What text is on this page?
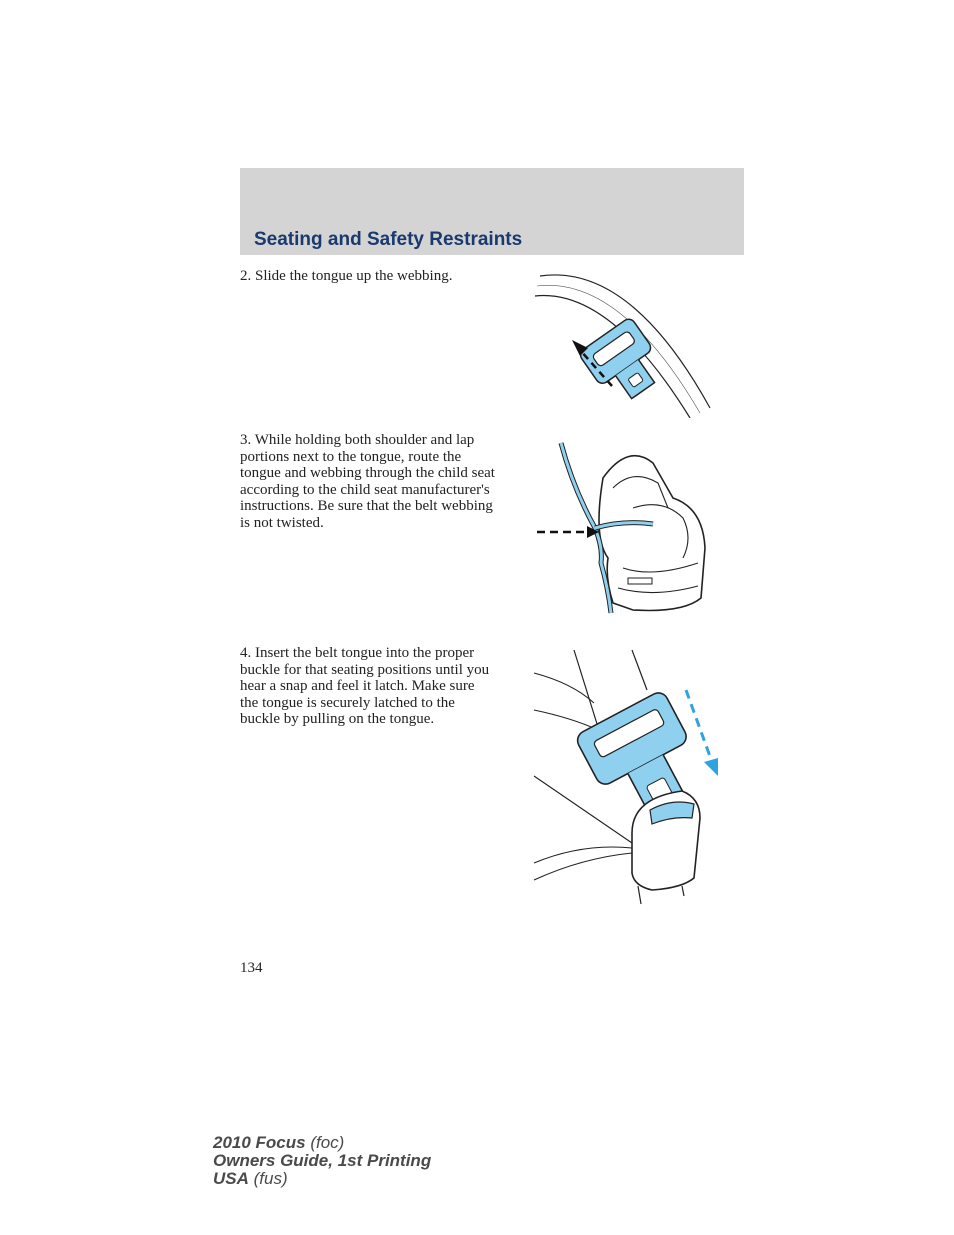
Seating and Safety Restraints

2. Slide the tongue up the webbing.

3. While holding both shoulder and lap portions next to the tongue, route the tongue and webbing through the child seat according to the child seat manufacturer's instructions. Be sure that the belt webbing is not twisted.

4. Insert the belt tongue into the proper buckle for that seating positions until you hear a snap and feel it latch. Make sure the tongue is securely latched to the buckle by pulling on the tongue.

134
2010 Focus (foc)
Owners Guide, 1st Printing
USA (fus)
